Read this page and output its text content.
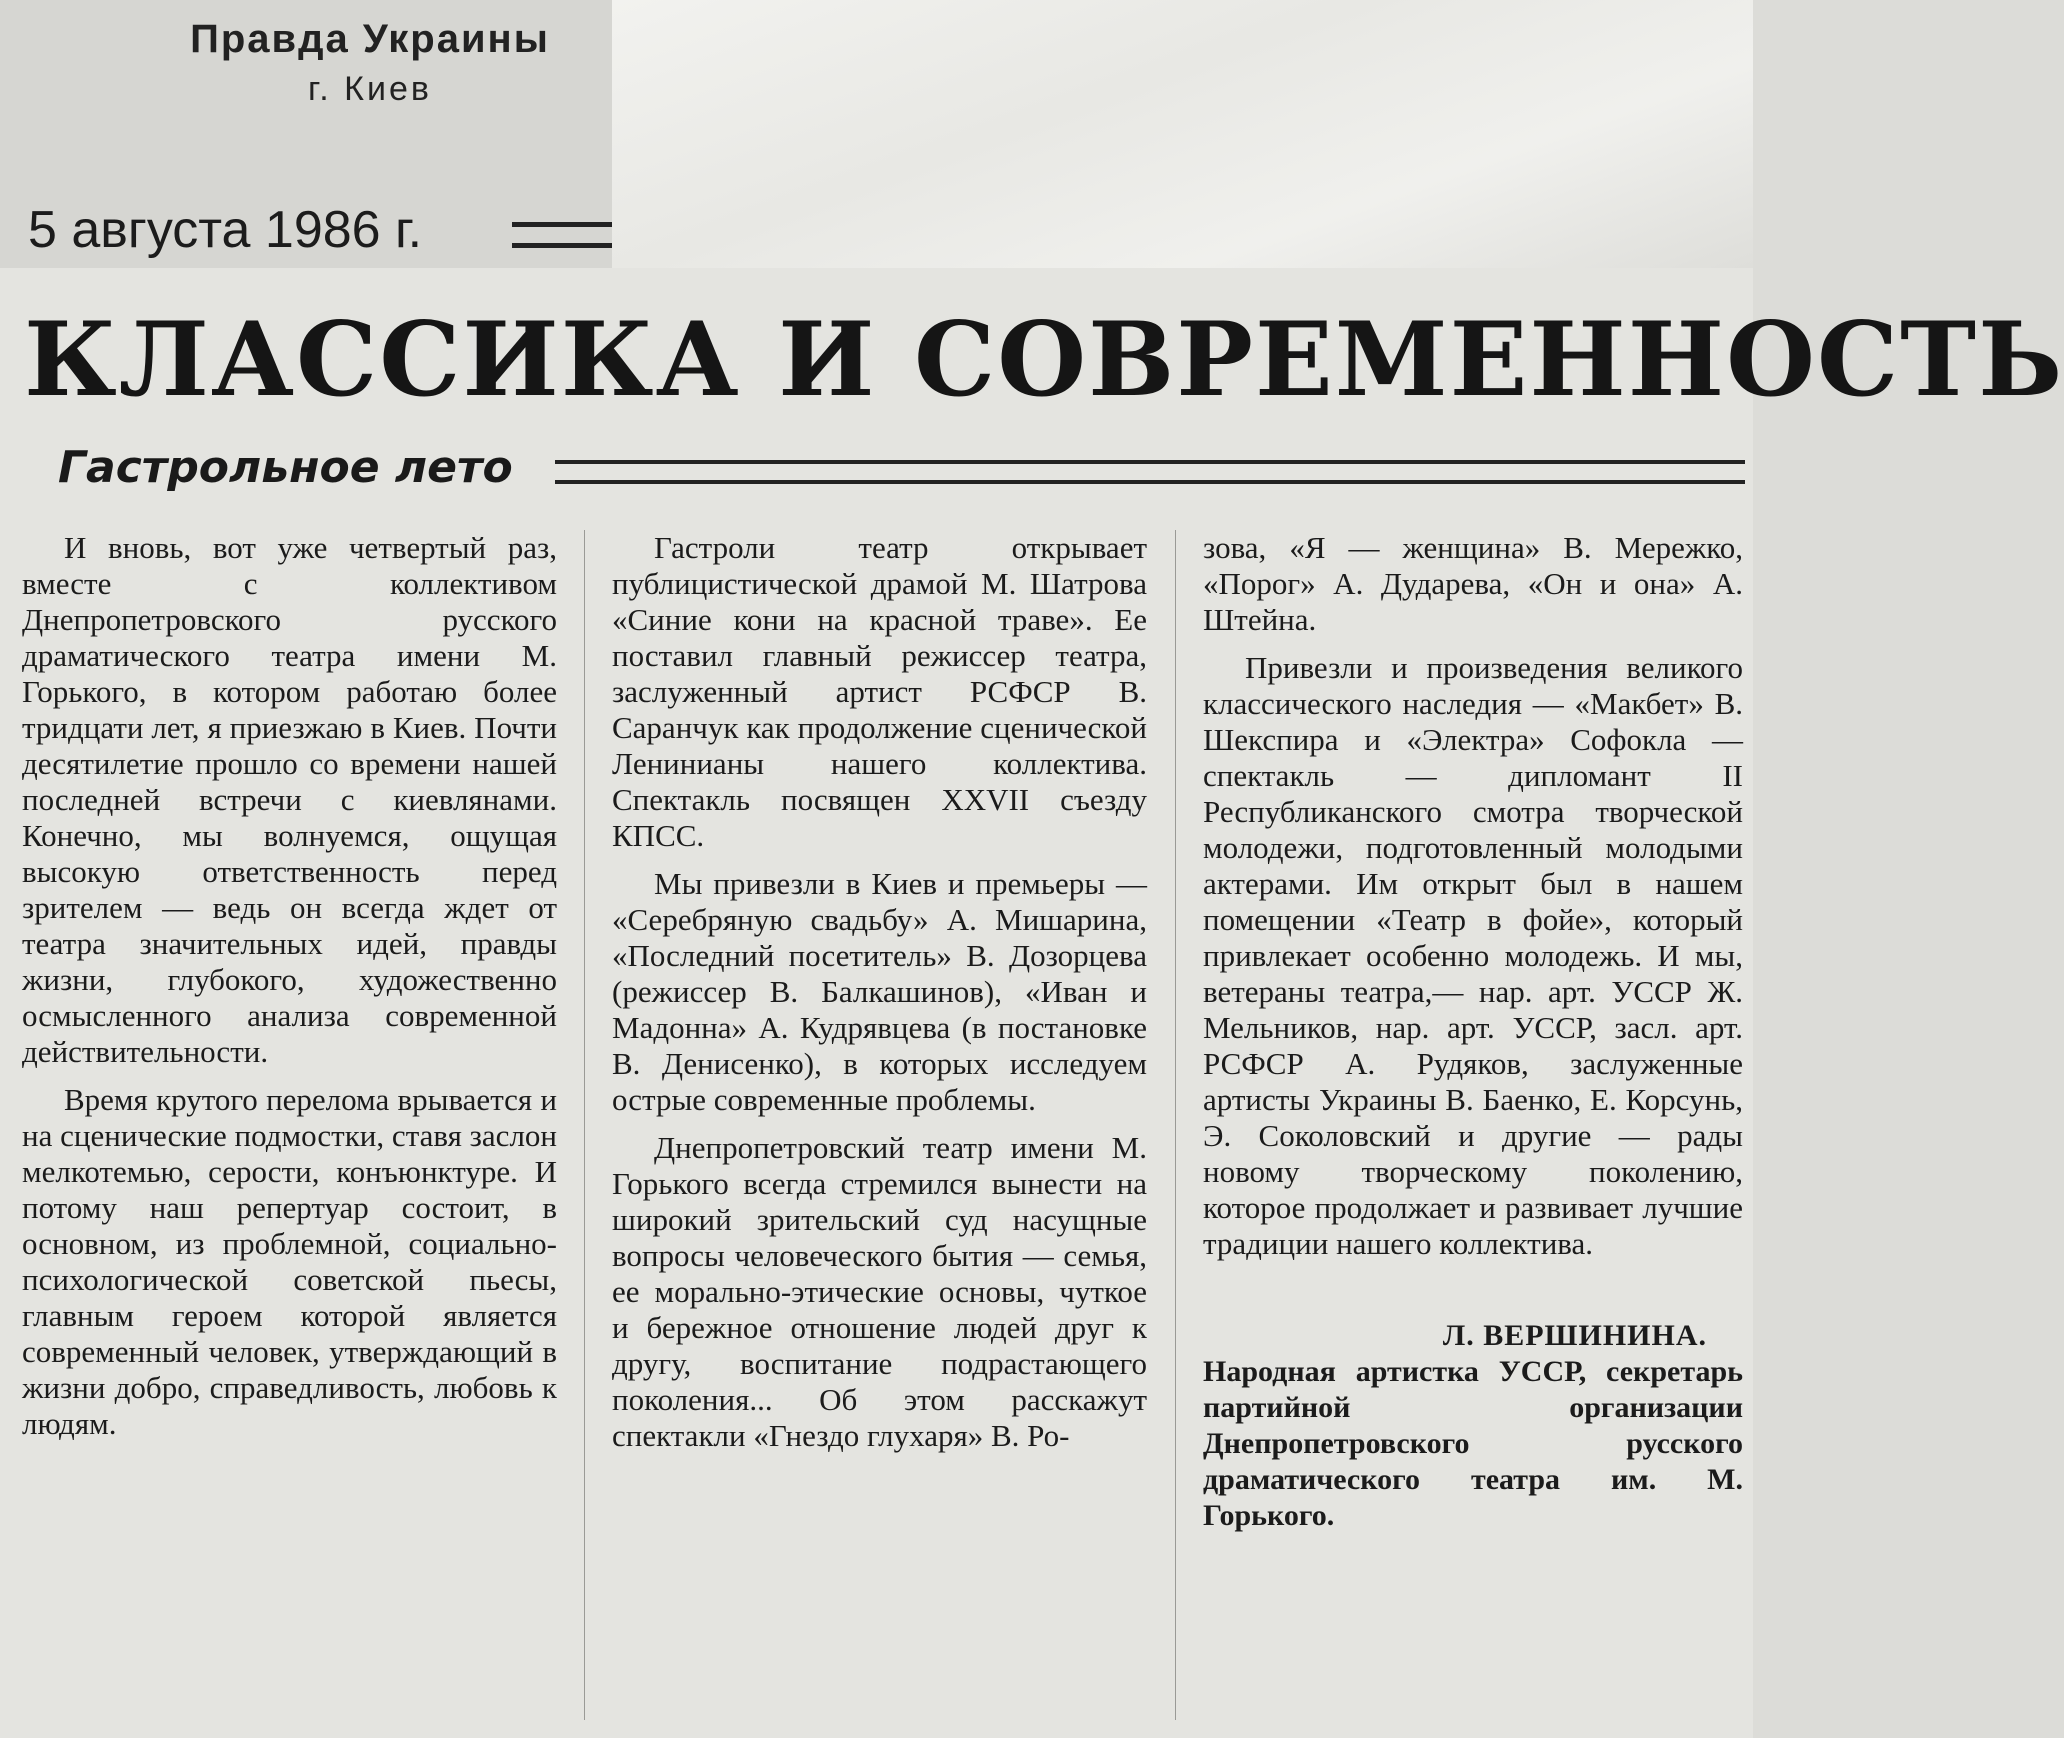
Правда Украины
г. Киев
5 августа 1986 г.
КЛАССИКА И СОВРЕМЕННОСТЬ
Гастрольное лето

И вновь, вот уже четвертый раз, вместе с коллективом Днепропетровского русского драматического театра имени М. Горького, в котором работаю более тридцати лет, я приезжаю в Киев. Почти десятилетие прошло со времени нашей последней встречи с киевлянами. Конечно, мы волнуемся, ощущая высокую ответственность перед зрителем — ведь он всегда ждет от театра значительных идей, правды жизни, глубокого, художественно осмысленного анализа современной действительности.

Время крутого перелома врывается и на сценические подмостки, ставя заслон мелкотемью, серости, конъюнктуре. И потому наш репертуар состоит, в основном, из проблемной, социально-психологической советской пьесы, главным героем которой является современный человек, утверждающий в жизни добро, справедливость, любовь к людям.

Гастроли театр открывает публицистической драмой М. Шатрова «Синие кони на красной траве». Ее поставил главный режиссер театра, заслуженный артист РСФСР В. Саранчук как продолжение сценической Ленинианы нашего коллектива. Спектакль посвящен XXVII съезду КПСС.

Мы привезли в Киев и премьеры — «Серебряную свадьбу» А. Мишарина, «Последний посетитель» В. Дозорцева (режиссер В. Балкашинов), «Иван и Мадонна» А. Кудрявцева (в постановке В. Денисенко), в которых исследуем острые современные проблемы.

Днепропетровский театр имени М. Горького всегда стремился вынести на широкий зрительский суд насущные вопросы человеческого бытия — семья, ее морально-этические основы, чуткое и бережное отношение людей друг к другу, воспитание подрастающего поколения... Об этом расскажут спектакли «Гнездо глухаря» В. Ро-

зова, «Я — женщина» В. Мережко, «Порог» А. Дударева, «Он и она» А. Штейна.

Привезли и произведения великого классического наследия — «Макбет» В. Шекспира и «Электра» Софокла — спектакль — дипломант II Республиканского смотра творческой молодежи, подготовленный молодыми актерами. Им открыт был в нашем помещении «Театр в фойе», который привлекает особенно молодежь. И мы, ветераны театра,— нар. арт. УССР Ж. Мельников, нар. арт. УССР, засл. арт. РСФСР А. Рудяков, заслуженные артисты Украины В. Баенко, Е. Корсунь, Э. Соколовский и другие — рады новому творческому поколению, которое продолжает и развивает лучшие традиции нашего коллектива.

Л. ВЕРШИНИНА.
Народная артистка УССР, секретарь партийной организации Днепропетровского русского драматического театра им. М. Горького.
